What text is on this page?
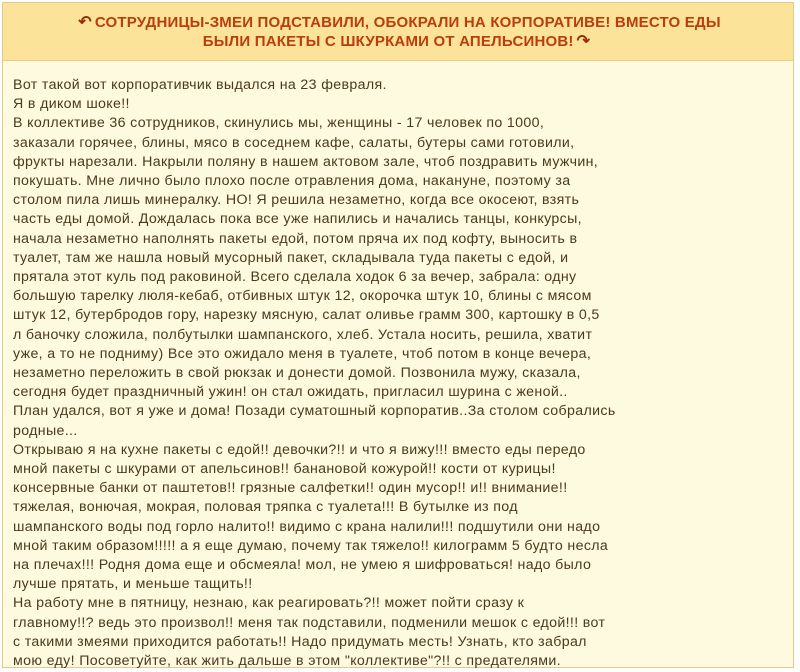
↶ СОТРУДНИЦЫ-ЗМЕИ ПОДСТАВИЛИ, ОБОКРАЛИ НА КОРПОРАТИВЕ! ВМЕСТО ЕДЫ
БЫЛИ ПАКЕТЫ С ШКУРКАМИ ОТ АПЕЛЬСИНОВ! ↷
Вот такой вот корпоративчик выдался на 23 февраля.
Я в диком шоке!!
В коллективе 36 сотрудников, скинулись мы, женщины - 17 человек по 1000,
заказали горячее, блины, мясо в соседнем кафе, салаты, бутеры сами готовили,
фрукты нарезали. Накрыли поляну в нашем актовом зале, чтоб поздравить мужчин,
покушать. Мне лично было плохо после отравления дома, накануне, поэтому за
столом пила лишь минералку. НО! Я решила незаметно, когда все окосеют, взять
часть еды домой. Дождалась пока все уже напились и начались танцы, конкурсы,
начала незаметно наполнять пакеты едой, потом пряча их под кофту, выносить в
туалет, там же нашла новый мусорный пакет, складывала туда пакеты с едой, и
прятала этот куль под раковиной. Всего сделала ходок 6 за вечер, забрала: одну
большую тарелку люля-кебаб, отбивных штук 12, окорочка штук 10, блины с мясом
штук 12, бутербродов гору, нарезку мясную, салат оливье грамм 300, картошку в 0,5
л баночку сложила, полбутылки шампанского, хлеб. Устала носить, решила, хватит
уже, а то не подниму) Все это ожидало меня в туалете, чтоб потом в конце вечера,
незаметно переложить в свой рюкзак и донести домой. Позвонила мужу, сказала,
сегодня будет праздничный ужин! он стал ожидать, пригласил шурина с женой..
План удался, вот я уже и дома! Позади суматошный корпоратив..За столом собрались
родные...
Открываю я на кухне пакеты с едой!! девочки?!! и что я вижу!!! вместо еды передо
мной пакеты с шкурами от апельсинов!! банановой кожурой!! кости от курицы!
консервные банки от паштетов!! грязные салфетки!! один мусор!! и!! внимание!!
тяжелая, вонючая, мокрая, половая тряпка с туалета!!! В бутылке из под
шампанского воды под горло налито!! видимо с крана налили!!! подшутили они надо
мной таким образом!!!!! а я еще думаю, почему так тяжело!! килограмм 5 будто несла
на плечах!!! Родня дома еще и обсмеяла! мол, не умею я шифроваться! надо было
лучше прятать, и меньше тащить!!
На работу мне в пятницу, незнаю, как реагировать?!! может пойти сразу к
главному!!? ведь это произвол!! меня так подставили, подменили мешок с едой!!! вот
с такими змеями приходится работать!! Надо придумать месть! Узнать, кто забрал
мою еду! Посоветуйте, как жить дальше в этом "коллективе"?!! с предателями.
